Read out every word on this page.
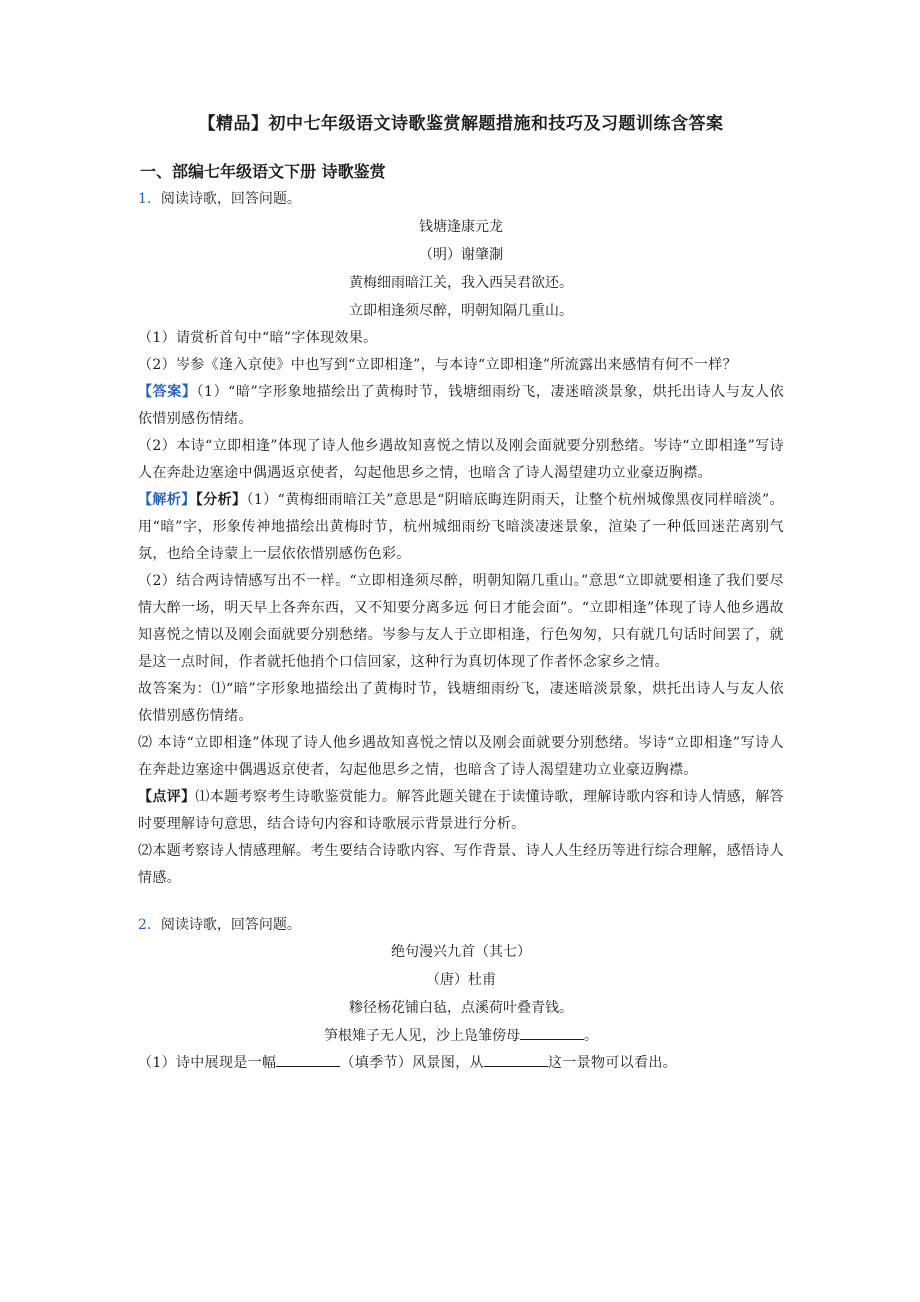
【精品】初中七年级语文诗歌鉴赏解题措施和技巧及习题训练含答案
一、部编七年级语文下册 诗歌鉴赏

1．阅读诗歌，回答问题。

钱塘逢康元龙

（明）谢肇淛

黄梅细雨暗江关，我入西吴君欲还。

立即相逢须尽醉，明朝知隔几重山。

（1）请赏析首句中“暗”字体现效果。

（2）岑参《逢入京使》中也写到“立即相逢”，与本诗“立即相逢”所流露出来感情有何不一样？

【答案】（1）“暗”字形象地描绘出了黄梅时节，钱塘细雨纷飞，凄迷暗淡景象，烘托出诗人与友人依依惜别感伤情绪。

（2）本诗“立即相逢”体现了诗人他乡遇故知喜悦之情以及刚会面就要分别愁绪。岑诗“立即相逢”写诗人在奔赴边塞途中偶遇返京使者，勾起他思乡之情，也暗含了诗人渴望建功立业豪迈胸襟。

【解析】【分析】（1）“黄梅细雨暗江关”意思是“阴暗底晦连阴雨天，让整个杭州城像黑夜同样暗淡”。 用“暗”字，形象传神地描绘出黄梅时节，杭州城细雨纷飞暗淡凄迷景象，渲染了一种低回迷茫离别气氛，也给全诗蒙上一层依依惜别感伤色彩。

（2）结合两诗情感写出不一样。“立即相逢须尽醉，明朝知隔几重山。”意思“立即就要相逢了我们要尽情大醉一场，明天早上各奔东西，又不知要分离多远 何日才能会面”。“立即相逢”体现了诗人他乡遇故知喜悦之情以及刚会面就要分别愁绪。岑参与友人于立即相逢，行色匆匆，只有就几句话时间罢了，就是这一点时间，作者就托他捎个口信回家，这种行为真切体现了作者怀念家乡之情。

故答案为：⑴“暗”字形象地描绘出了黄梅时节，钱塘细雨纷飞，凄迷暗淡景象，烘托出诗人与友人依依惜别感伤情绪。

⑵ 本诗“立即相逢”体现了诗人他乡遇故知喜悦之情以及刚会面就要分别愁绪。岑诗“立即相逢”写诗人在奔赴边塞途中偶遇返京使者，勾起他思乡之情，也暗含了诗人渴望建功立业豪迈胸襟。

【点评】⑴本题考察考生诗歌鉴赏能力。解答此题关键在于读懂诗歌，理解诗歌内容和诗人情感，解答时要理解诗句意思，结合诗句内容和诗歌展示背景进行分析。

⑵本题考察诗人情感理解。考生要结合诗歌内容、写作背景、诗人人生经历等进行综合理解，感悟诗人情感。

2．阅读诗歌，回答问题。

绝句漫兴九首（其七）

（唐）杜甫

糁径杨花铺白毡，点溪荷叶叠青钱。

笋根雉子无人见，沙上凫雏傍母	。

（1）诗中展现是一幅	（填季节）风景图，从	这一景物可以看出。
